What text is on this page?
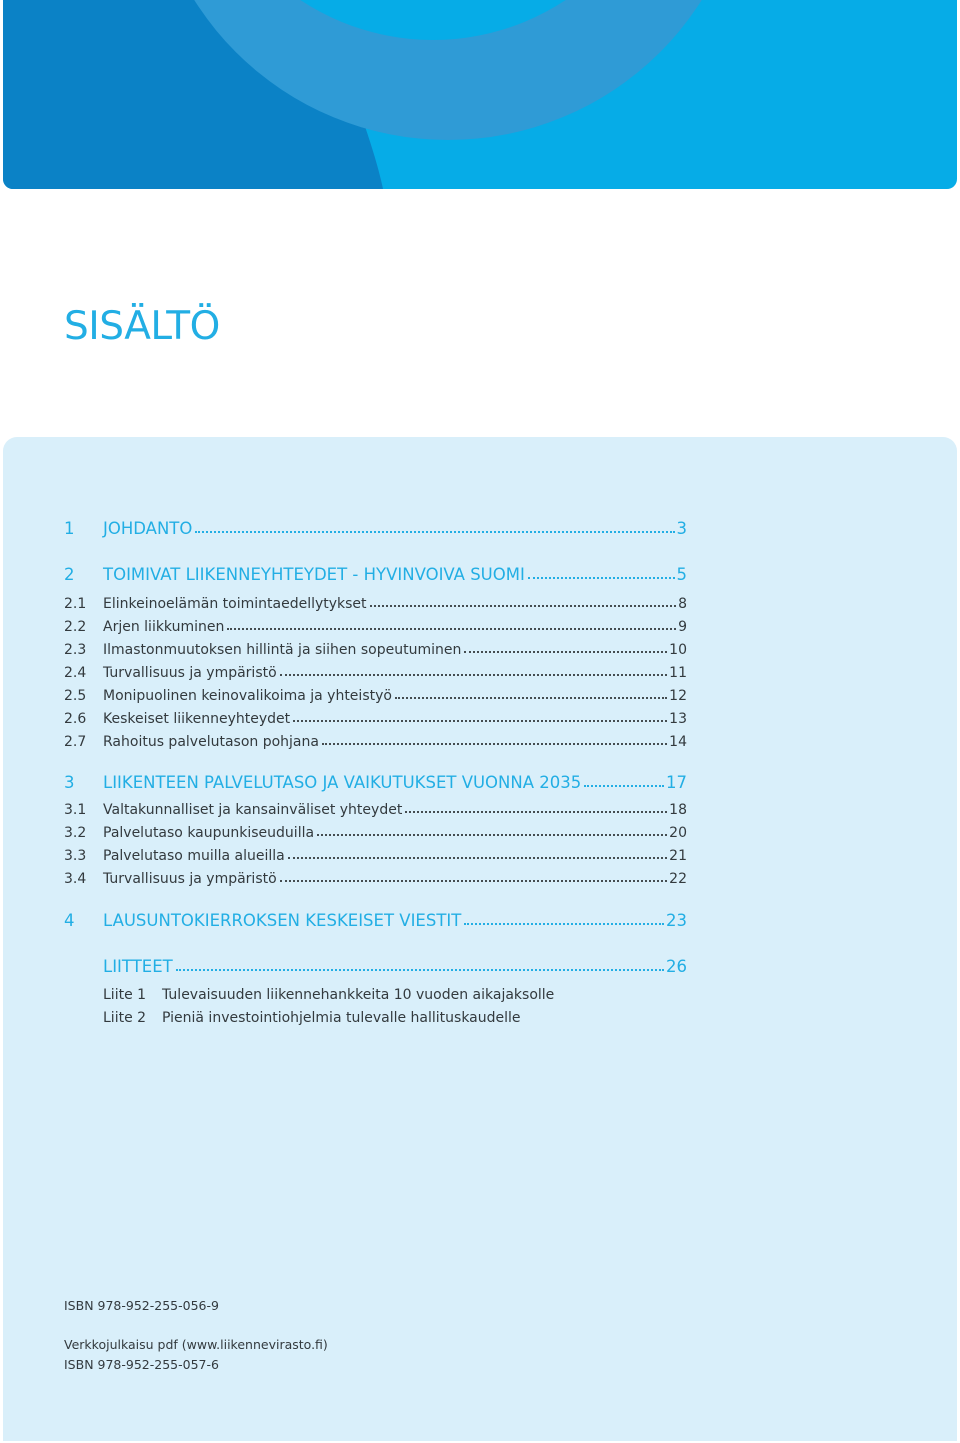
SISÄLTÖ
1	JOHDANTO	3
2	TOIMIVAT LIIKENNEYHTEYDET - HYVINVOIVA SUOMI	5
2.1	Elinkeinoelämän toimintaedellytykset	8
2.2	Arjen liikkuminen	9
2.3	Ilmastonmuutoksen hillintä ja siihen sopeutuminen	10
2.4	Turvallisuus ja ympäristö	11
2.5	Monipuolinen keinovalikoima ja yhteistyö	12
2.6	Keskeiset liikenneyhteydet	13
2.7	Rahoitus palvelutason pohjana	14
3	LIIKENTEEN PALVELUTASO JA VAIKUTUKSET VUONNA 2035	17
3.1	Valtakunnalliset ja kansainväliset yhteydet	18
3.2	Palvelutaso kaupunkiseuduilla	20
3.3	Palvelutaso muilla alueilla	21
3.4	Turvallisuus ja ympäristö	22
4	LAUSUNTOKIERROKSEN KESKEISET VIESTIT	23
LIITTEET	26
Liite 1	Tulevaisuuden liikennehankkeita 10 vuoden aikajaksolle
Liite 2	Pieniä investointiohjelmia tulevalle hallituskaudelle
ISBN 978-952-255-056-9
Verkkojulkaisu pdf (www.liikennevirasto.fi)
ISBN 978-952-255-057-6
